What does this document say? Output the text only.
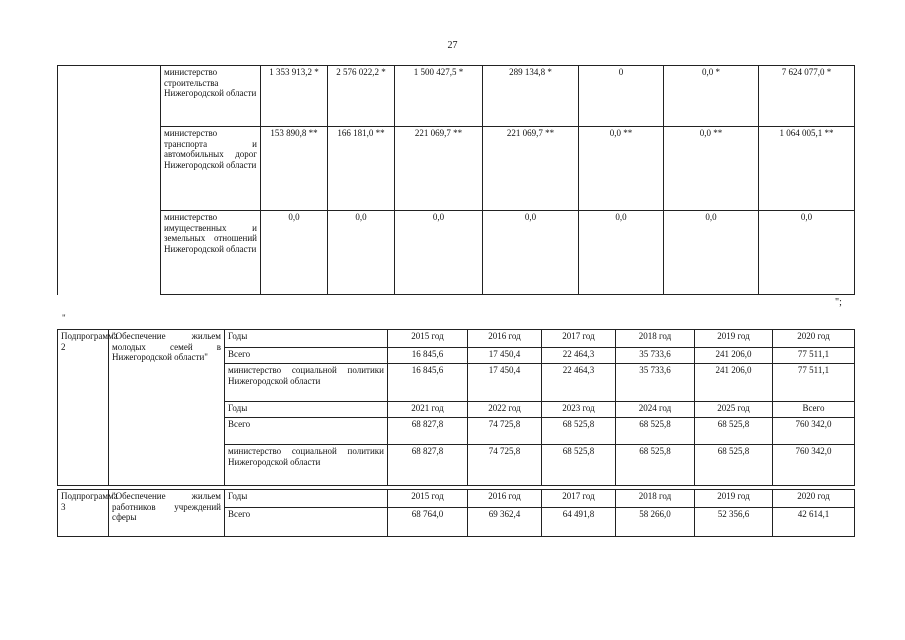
27
	министерство строительства Нижегородской области	1 353 913,2 *	2 576 022,2 *	1 500 427,5 *	289 134,8 *	0	0,0 *	7 624 077,0 *
	министерство транспорта и автомобильных дорог Нижегородской области	153 890,8 **	166 181,0 **	221 069,7 **	221 069,7 **	0,0 **	0,0 **	1 064 005,1 **
	министерство имущественных и земельных отношений Нижегородской области	0,0	0,0	0,0	0,0	0,0	0,0	0,0
";
"
Подпрограмма 2	"Обеспечение жильем молодых семей в Нижегородской области"	Годы	2015 год	2016 год	2017 год	2018 год	2019 год	2020 год
		Всего	16 845,6	17 450,4	22 464,3	35 733,6	241 206,0	77 511,1
		министерство социальной политики Нижегородской области	16 845,6	17 450,4	22 464,3	35 733,6	241 206,0	77 511,1
		Годы	2021 год	2022 год	2023 год	2024 год	2025 год	Всего
		Всего	68 827,8	74 725,8	68 525,8	68 525,8	68 525,8	760 342,0
		министерство социальной политики Нижегородской области	68 827,8	74 725,8	68 525,8	68 525,8	68 525,8	760 342,0
Подпрограмма 3	"Обеспечение жильем работников учреждений сферы	Годы	2015 год	2016 год	2017 год	2018 год	2019 год	2020 год
		Всего	68 764,0	69 362,4	64 491,8	58 266,0	52 356,6	42 614,1
